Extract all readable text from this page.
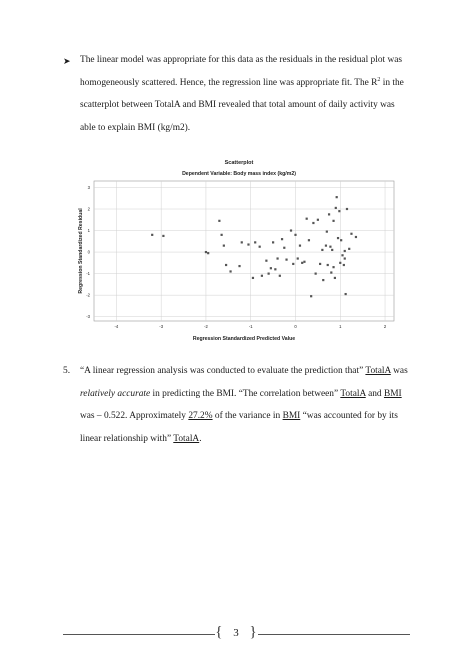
➤ The linear model was appropriate for this data as the residuals in the residual plot was
homogeneously scattered. Hence, the regression line was appropriate fit. The $R^2$ in the
scatterplot between TotalA and BMI revealed that total amount of daily activity was
able to explain BMI (kg/m2).
Scatterplot
Dependent Variable: Body mass index (kg/m2)
3
2
1
0
-1
-2
-3
-4	-3	-2	-1	0	1	2
Regression Standardized Predicted Value
Regression Standardized Residual
5. “A linear regression analysis was conducted to evaluate the prediction that” TotalA was
relatively accurate in predicting the BMI. “The correlation between” TotalA and BMI
was – 0.522. Approximately 27.2% of the variance in BMI “was accounted for by its
linear relationship with” TotalA.
{ 3 }
